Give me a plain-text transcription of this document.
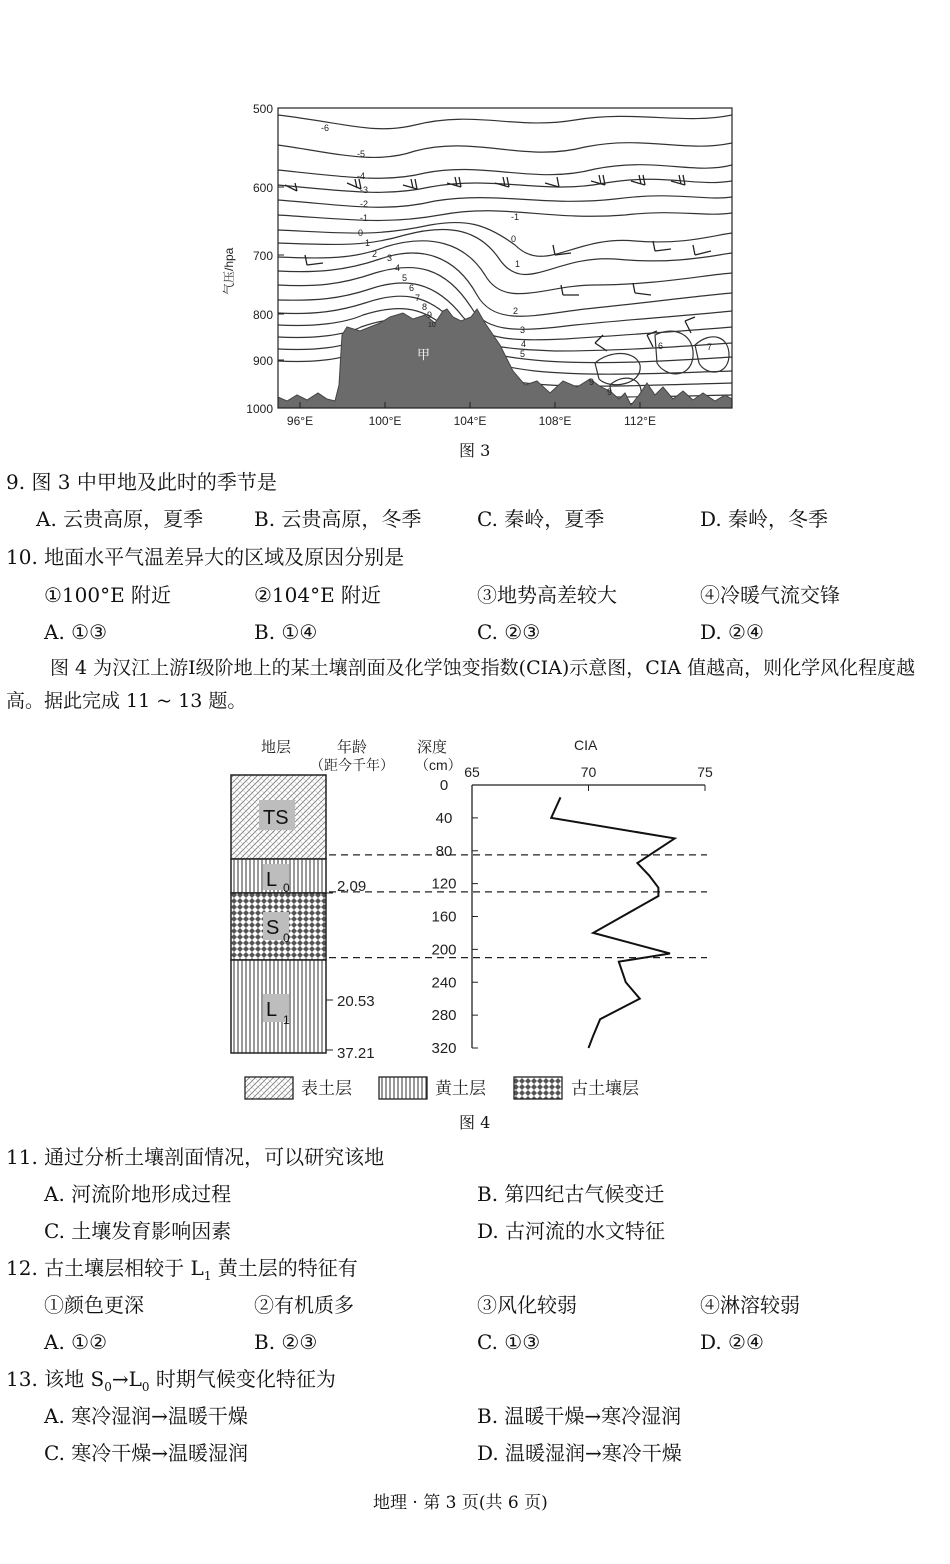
-6
-5
-4
-3
-2
-1
0
1
2 3
4
5
6
7
8
9
10
-1
0
1
2
3
4
5
6	7
9
9
甲
500
600
700
800
900
1000
气压/hpa
96°E	100°E	104°E	108°E	112°E
图 3
9. 图 3 中甲地及此时的季节是
A. 云贵高原，夏季	B. 云贵高原，冬季	C. 秦岭，夏季	D. 秦岭，冬季
10. 地面水平气温差异大的区域及原因分别是
①100°E 附近	②104°E 附近	③地势高差较大	④冷暖气流交锋
A. ①③	B. ①④	C. ②③	D. ②④
图 4 为汉江上游Ⅰ级阶地上的某土壤剖面及化学蚀变指数(CIA)示意图，CIA 值越高，则化学风化程度越高。据此完成 11 ~ 13 题。
地层	年龄
（距今千年）
深度
（cm）
CIA
TS
L 0
S 0
L 1
2.09
20.53
37.21
65	70	75
0
40
80
120
160
200
240
280
320
表土层	黄土层	古土壤层
图 4
11. 通过分析土壤剖面情况，可以研究该地
A. 河流阶地形成过程	B. 第四纪古气候变迁
C. 土壤发育影响因素	D. 古河流的水文特征
12. 古土壤层相较于 $L_1$ 黄土层的特征有
①颜色更深	②有机质多	③风化较弱	④淋溶较弱
A. ①②	B. ②③	C. ①③	D. ②④
13. 该地 $S_0\to L_0$ 时期气候变化特征为
A. 寒冷湿润→温暖干燥	B. 温暖干燥→寒冷湿润
C. 寒冷干燥→温暖湿润	D. 温暖湿润→寒冷干燥
地理 · 第 3 页(共 6 页)
